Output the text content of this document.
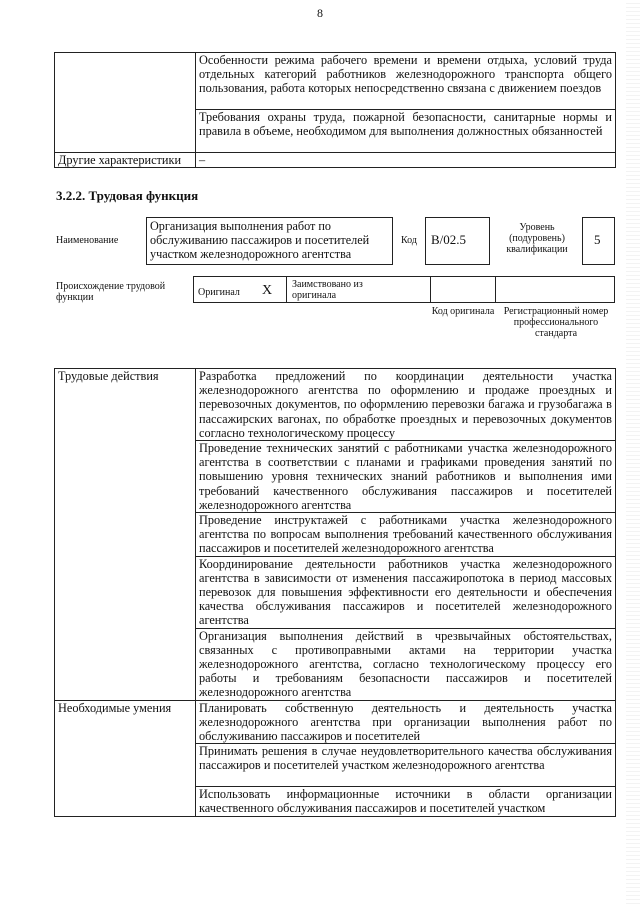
8
	Особенности режима рабочего времени и времени отдыха, условий труда отдельных категорий работников железнодорожного транспорта общего пользования, работа которых непосредственно связана с движением поездов
	Требования охраны труда, пожарной безопасности, санитарные нормы и правила в объеме, необходимом для выполнения должностных обязанностей
Другие характеристики	–
3.2.2. Трудовая функция
Наименование
Организация выполнения работ по обслуживанию пассажиров и посетителей участком железнодорожного агентства
Код B/02.5
Уровень (подуровень) квалификации
5
Происхождение трудовой функции	Оригинал X Заимствовано из оригинала
Код оригинала Регистрационный номер профессионального стандарта
Трудовые действия	Разработка предложений по координации деятельности участка железнодорожного агентства по оформлению и продаже проездных и перевозочных документов, по оформлению перевозки багажа и грузобагажа в пассажирских вагонах, по обработке проездных и перевозочных документов согласно технологическому процессу
	Проведение технических занятий с работниками участка железнодорожного агентства в соответствии с планами и графиками проведения занятий по повышению уровня технических знаний работников и выполнения ими требований качественного обслуживания пассажиров и посетителей железнодорожного агентства
	Проведение инструктажей с работниками участка железнодорожного агентства по вопросам выполнения требований качественного обслуживания пассажиров и посетителей железнодорожного агентства
	Координирование деятельности работников участка железнодорожного агентства в зависимости от изменения пассажиропотока в период массовых перевозок для повышения эффективности его деятельности и обеспечения качества обслуживания пассажиров и посетителей железнодорожного агентства
	Организация выполнения действий в чрезвычайных обстоятельствах, связанных с противоправными актами на территории участка железнодорожного агентства, согласно технологическому процессу его работы и требованиям безопасности пассажиров и посетителей железнодорожного агентства
Необходимые умения	Планировать собственную деятельность и деятельность участка железнодорожного агентства при организации выполнения работ по обслуживанию пассажиров и посетителей
	Принимать решения в случае неудовлетворительного качества обслуживания пассажиров и посетителей участком железнодорожного агентства
	Использовать информационные источники в области организации качественного обслуживания пассажиров и посетителей участком
